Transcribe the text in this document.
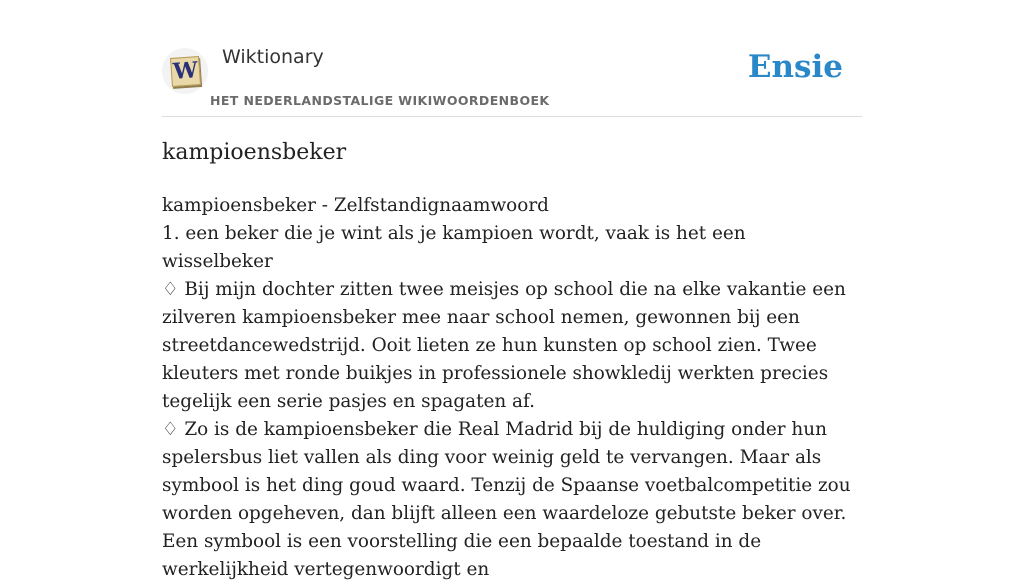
W
Wiktionary
HET NEDERLANDSTALIGE WIKIWOORDENBOEK
Ensie
kampioensbeker

kampioensbeker - Zelfstandignaamwoord

1. een beker die je wint als je kampioen wordt, vaak is het een wisselbeker

♢ Bij mijn dochter zitten twee meisjes op school die na elke vakantie een zilveren kampioensbeker mee naar school nemen, gewonnen bij een streetdancewedstrijd. Ooit lieten ze hun kunsten op school zien. Twee kleuters met ronde buikjes in professionele showkledij werkten precies tegelijk een serie pasjes en spagaten af.

♢ Zo is de kampioensbeker die Real Madrid bij de huldiging onder hun spelersbus liet vallen als ding voor weinig geld te vervangen. Maar als symbool is het ding goud waard. Tenzij de Spaanse voetbalcompetitie zou worden opgeheven, dan blijft alleen een waardeloze gebutste beker over. Een symbool is een voorstelling die een bepaalde toestand in de werkelijkheid vertegenwoordigt en
